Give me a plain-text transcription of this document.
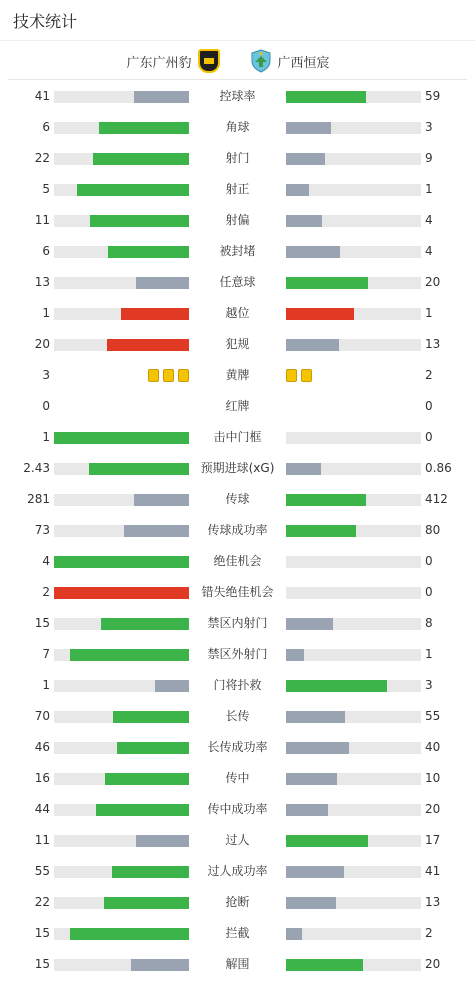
技术统计
广东广州豹	广西恒宸
41	控球率	59
6	角球	3
22	射门	9
5	射正	1
11	射偏	4
6	被封堵	4
13	任意球	20
1	越位	1
20	犯规	13
3	黄牌	2
0	红牌	0
1	击中门框	0
2.43	预期进球(xG)	0.86
281	传球	412
73	传球成功率	80
4	绝佳机会	0
2	错失绝佳机会	0
15	禁区内射门	8
7	禁区外射门	1
1	门将扑救	3
70	长传	55
46	长传成功率	40
16	传中	10
44	传中成功率	20
11	过人	17
55	过人成功率	41
22	抢断	13
15	拦截	2
15	解围	20
